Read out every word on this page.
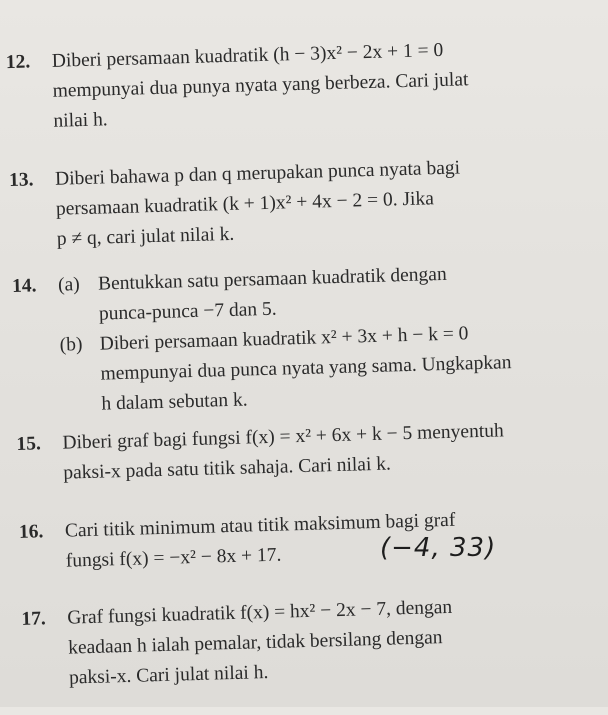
12. Diberi persamaan kuadratik (h − 3)x² − 2x + 1 = 0
mempunyai dua punya nyata yang berbeza. Cari julat
nilai h.
13. Diberi bahawa p dan q merupakan punca nyata bagi
persamaan kuadratik (k + 1)x² + 4x − 2 = 0. Jika
p ≠ q, cari julat nilai k.
14. (a) Bentukkan satu persamaan kuadratik dengan
punca-punca −7 dan 5.
(b) Diberi persamaan kuadratik x² + 3x + h − k = 0
mempunyai dua punca nyata yang sama. Ungkapkan
h dalam sebutan k.
15. Diberi graf bagi fungsi f(x) = x² + 6x + k − 5 menyentuh
paksi-x pada satu titik sahaja. Cari nilai k.
16. Cari titik minimum atau titik maksimum bagi graf
fungsi f(x) = −x² − 8x + 17.
17. Graf fungsi kuadratik f(x) = hx² − 2x − 7, dengan
keadaan h ialah pemalar, tidak bersilang dengan
paksi-x. Cari julat nilai h.
(−4, 33)
